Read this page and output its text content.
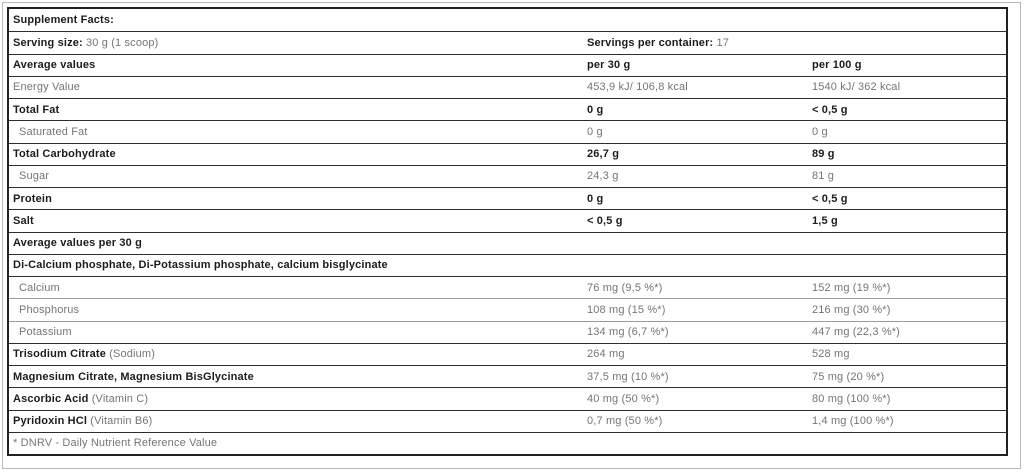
Supplement Facts:
Serving size: 30 g (1 scoop)	Servings per container: 17
Average values	per 30 g	per 100 g
Energy Value	453,9 kJ/ 106,8 kcal	1540 kJ/ 362 kcal
Total Fat	0 g	< 0,5 g
Saturated Fat	0 g	0 g
Total Carbohydrate	26,7 g	89 g
Sugar	24,3 g	81 g
Protein	0 g	< 0,5 g
Salt	< 0,5 g	1,5 g
Average values per 30 g
Di-Calcium phosphate, Di-Potassium phosphate, calcium bisglycinate
Calcium	76 mg (9,5 %*)	152 mg (19 %*)
Phosphorus	108 mg (15 %*)	216 mg (30 %*)
Potassium	134 mg (6,7 %*)	447 mg (22,3 %*)
Trisodium Citrate (Sodium)	264 mg	528 mg
Magnesium Citrate, Magnesium BisGlycinate	37,5 mg (10 %*)	75 mg (20 %*)
Ascorbic Acid (Vitamin C)	40 mg (50 %*)	80 mg (100 %*)
Pyridoxin HCl (Vitamin B6)	0,7 mg (50 %*)	1,4 mg (100 %*)
* DNRV - Daily Nutrient Reference Value
